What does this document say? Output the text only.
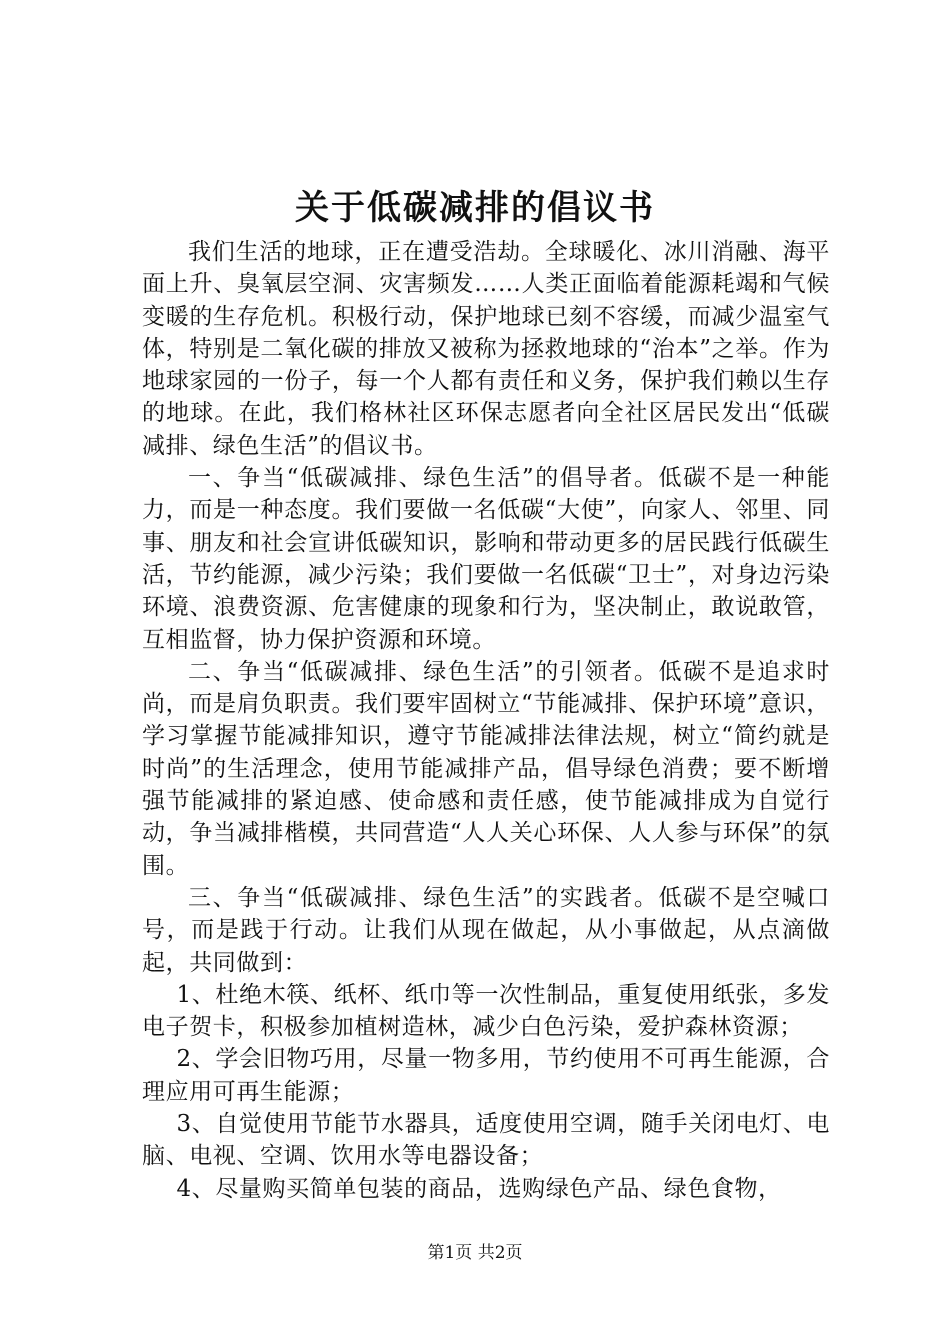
关于低碳减排的倡议书

我们生活的地球，正在遭受浩劫。全球暖化、冰川消融、海平面上升、臭氧层空洞、灾害频发……人类正面临着能源耗竭和气候变暖的生存危机。积极行动，保护地球已刻不容缓，而减少温室气体，特别是二氧化碳的排放又被称为拯救地球的“治本”之举。作为地球家园的一份子，每一个人都有责任和义务，保护我们赖以生存的地球。在此，我们格林社区环保志愿者向全社区居民发出“低碳减排、绿色生活”的倡议书。

一、争当“低碳减排、绿色生活”的倡导者。低碳不是一种能力，而是一种态度。我们要做一名低碳“大使”，向家人、邻里、同事、朋友和社会宣讲低碳知识，影响和带动更多的居民践行低碳生活，节约能源，减少污染；我们要做一名低碳“卫士”，对身边污染环境、浪费资源、危害健康的现象和行为，坚决制止，敢说敢管，互相监督，协力保护资源和环境。

二、争当“低碳减排、绿色生活”的引领者。低碳不是追求时尚，而是肩负职责。我们要牢固树立“节能减排、保护环境”意识，学习掌握节能减排知识，遵守节能减排法律法规，树立“简约就是时尚”的生活理念，使用节能减排产品，倡导绿色消费；要不断增强节能减排的紧迫感、使命感和责任感，使节能减排成为自觉行动，争当减排楷模，共同营造“人人关心环保、人人参与环保”的氛围。

三、争当“低碳减排、绿色生活”的实践者。低碳不是空喊口号，而是践于行动。让我们从现在做起，从小事做起，从点滴做起，共同做到：

1、杜绝木筷、纸杯、纸巾等一次性制品，重复使用纸张，多发电子贺卡，积极参加植树造林，减少白色污染，爱护森林资源；

2、学会旧物巧用，尽量一物多用，节约使用不可再生能源，合理应用可再生能源；

3、自觉使用节能节水器具，适度使用空调，随手关闭电灯、电脑、电视、空调、饮用水等电器设备；

4、尽量购买简单包装的商品，选购绿色产品、绿色食物，

第1页 共2页
